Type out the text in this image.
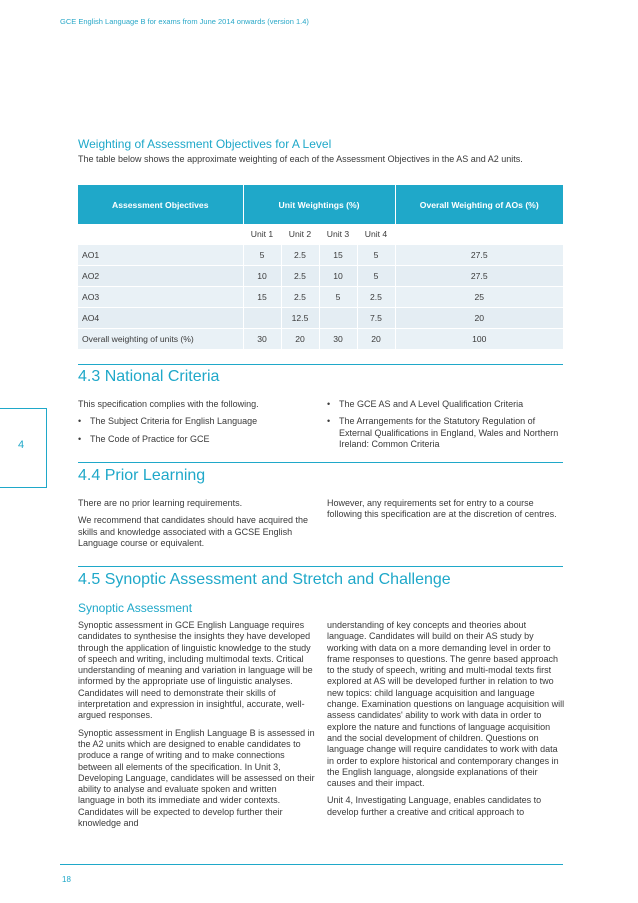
GCE English Language B for exams from June 2014 onwards (version 1.4)
4
Weighting of Assessment Objectives for A Level
The table below shows the approximate weighting of each of the Assessment Objectives in the AS and A2 units.
Assessment Objectives	Unit Weightings (%)				Overall Weighting of AOs (%)
	Unit 1	Unit 2	Unit 3	Unit 4	
AO1	5	2.5	15	5	27.5
AO2	10	2.5	10	5	27.5
AO3	15	2.5	5	2.5	25
AO4		12.5		7.5	20
Overall weighting of units (%)	30	20	30	20	100
4.3 National Criteria

This specification complies with the following.

• The Subject Criteria for English Language
• The Code of Practice for GCE
• The GCE AS and A Level Qualification Criteria
• The Arrangements for the Statutory Regulation of External Qualifications in England, Wales and Northern Ireland: Common Criteria
4.4 Prior Learning

There are no prior learning requirements.

We recommend that candidates should have acquired the skills and knowledge associated with a GCSE English Language course or equivalent.

However, any requirements set for entry to a course following this specification are at the discretion of centres.

4.5 Synoptic Assessment and Stretch and Challenge
Synoptic Assessment

Synoptic assessment in GCE English Language requires candidates to synthesise the insights they have developed through the application of linguistic knowledge to the study of speech and writing, including multimodal texts. Critical understanding of meaning and variation in language will be informed by the appropriate use of linguistic analyses. Candidates will need to demonstrate their skills of interpretation and expression in insightful, accurate, well-argued responses.

Synoptic assessment in English Language B is assessed in the A2 units which are designed to enable candidates to produce a range of writing and to make connections between all elements of the specification. In Unit 3, Developing Language, candidates will be assessed on their ability to analyse and evaluate spoken and written language in both its immediate and wider contexts. Candidates will be expected to develop further their knowledge and

understanding of key concepts and theories about language. Candidates will build on their AS study by working with data on a more demanding level in order to frame responses to questions. The genre based approach to the study of speech, writing and multi-modal texts first explored at AS will be developed further in relation to two new topics: child language acquisition and language change. Examination questions on language acquisition will assess candidates' ability to work with data in order to explore the nature and functions of language acquisition and the social development of children. Questions on language change will require candidates to work with data in order to explore historical and contemporary changes in the English language, alongside explanations of their causes and their impact.

Unit 4, Investigating Language, enables candidates to develop further a creative and critical approach to

18
